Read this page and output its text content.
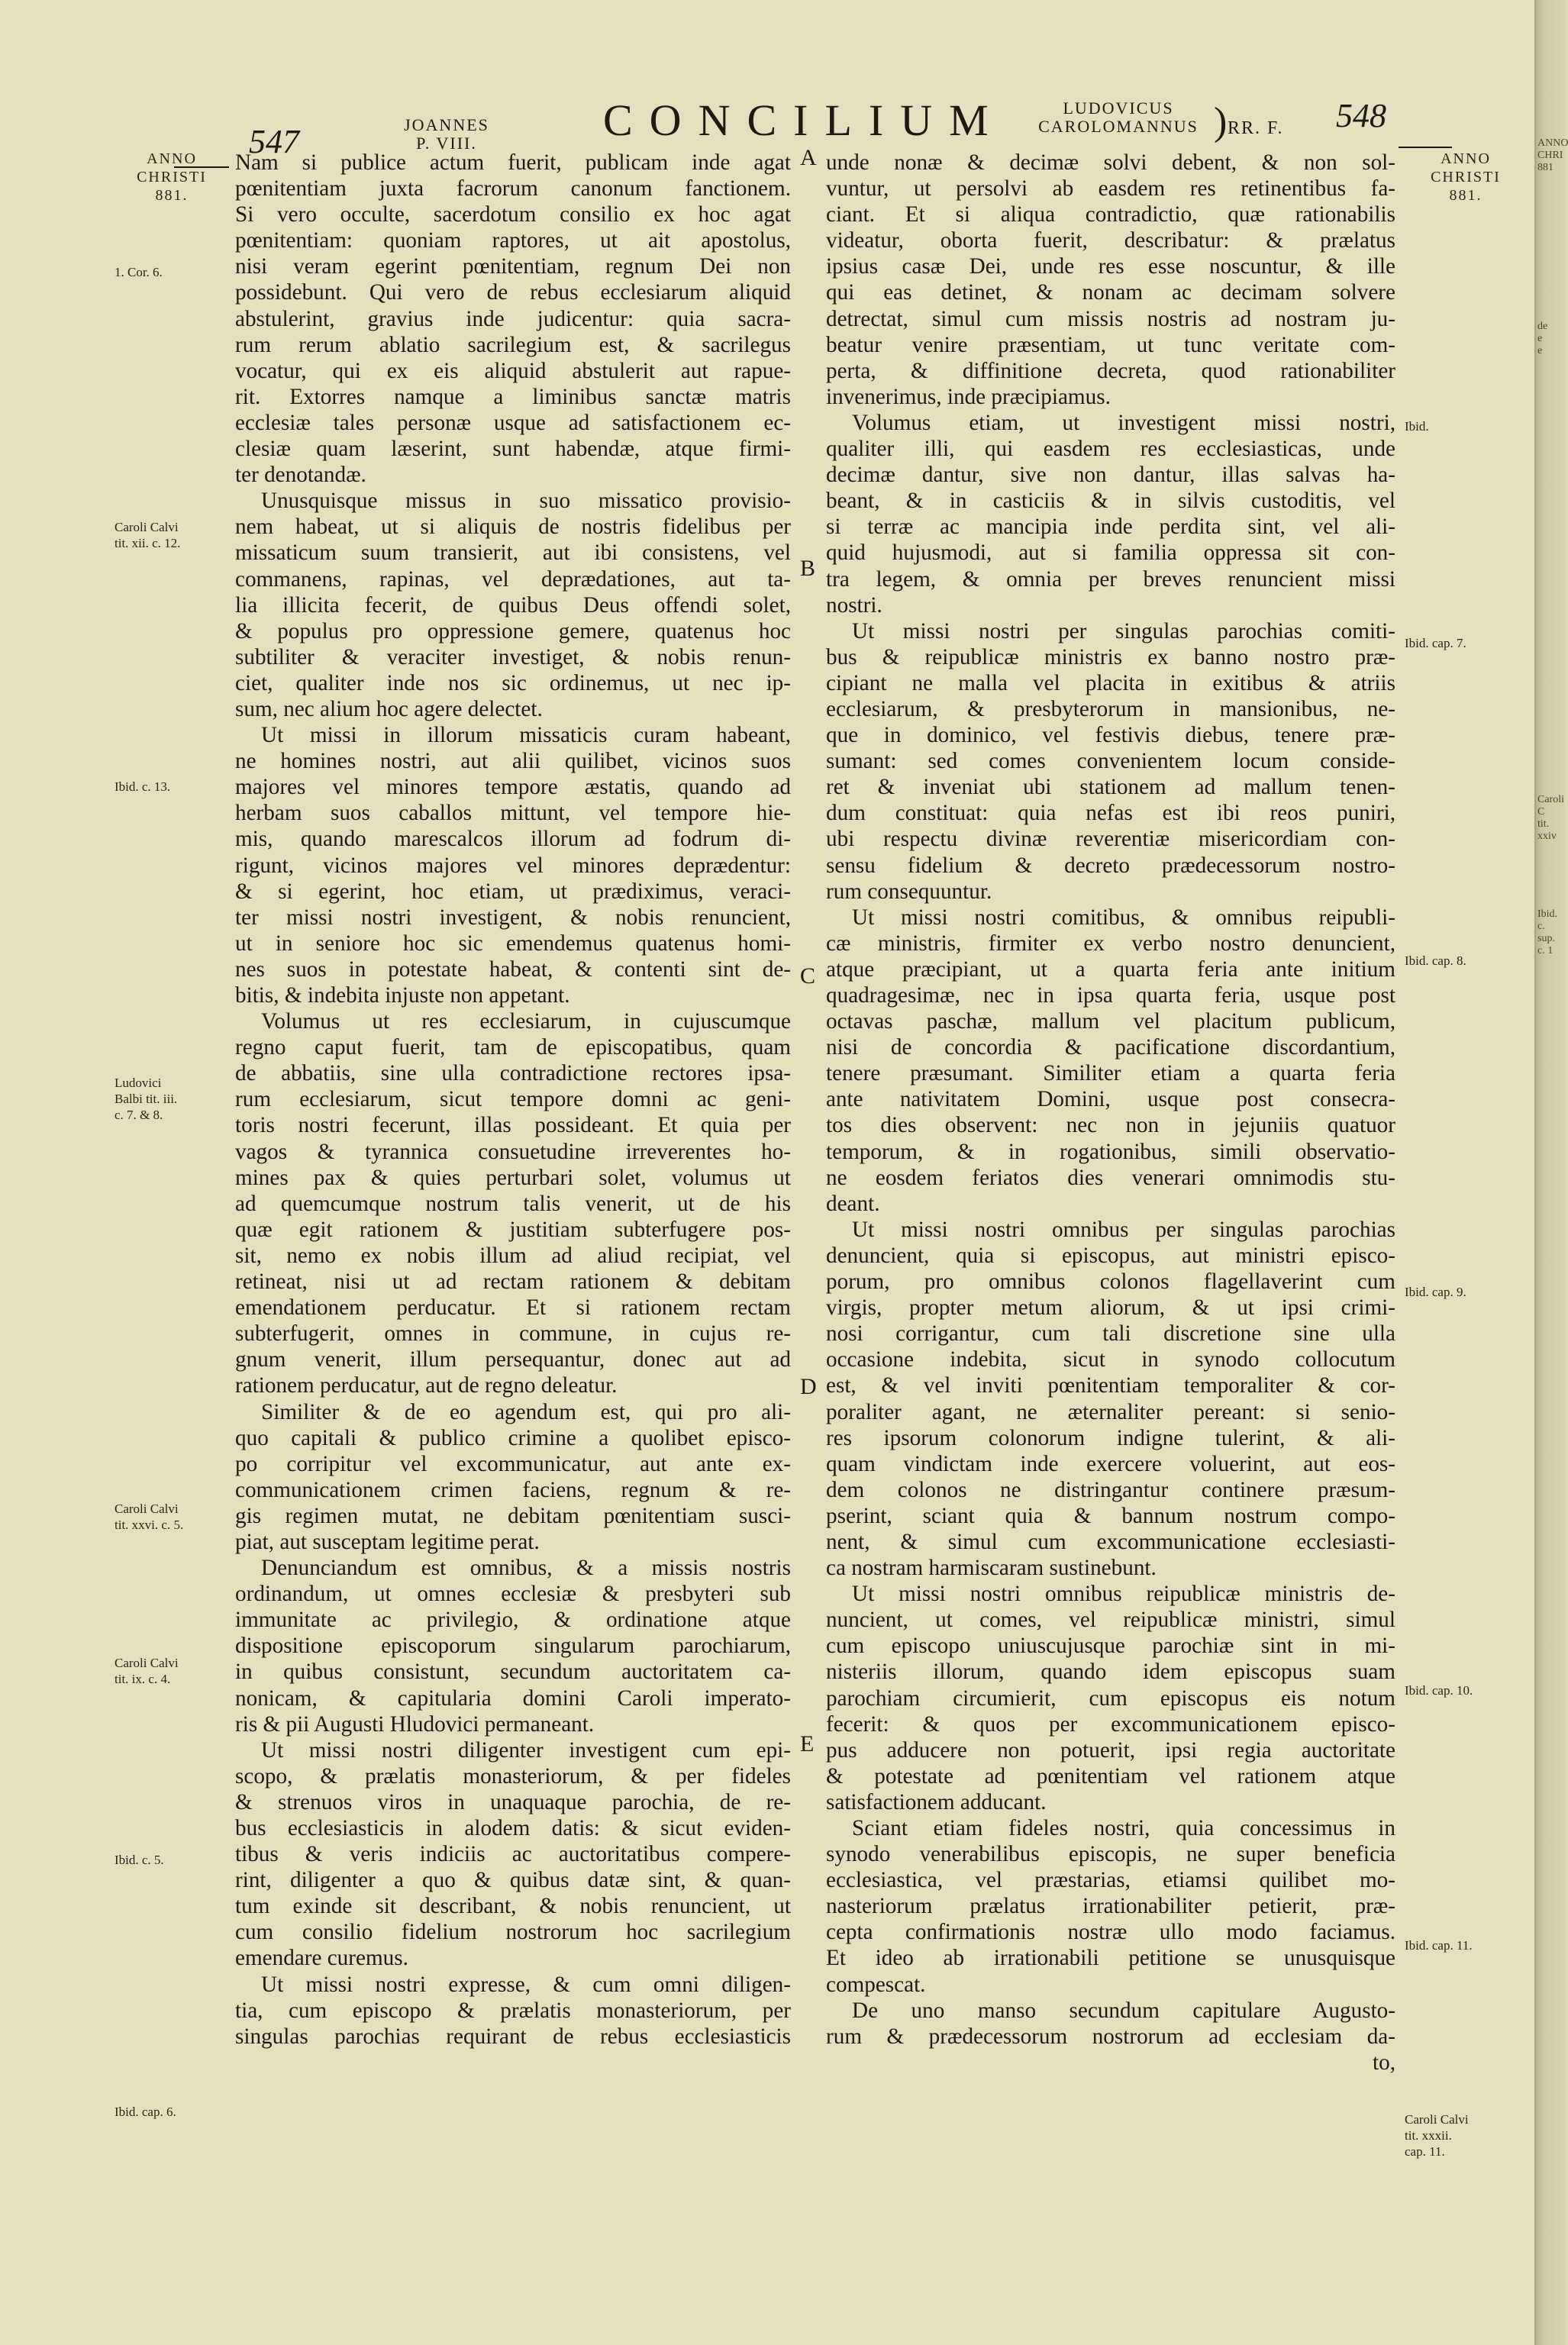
547	JOANNES
P. VIII.	CONCILIUM	LUDOVICUS
CAROLOMANNUS ) RR. F. 548
ANNO
CHRISTI
881.
1. Cor. 6.
Caroli Calvi
tit. xii. c. 12.
Ibid. c. 13.
Ludovici
Balbi tit. iii.
c. 7. & 8.
Caroli Calvi
tit. xxvi. c. 5.
Caroli Calvi
tit. ix. c. 4.
Ibid. c. 5.
Ibid. cap. 6.
ANNO
CHRISTI
881.
Ibid.
Ibid. cap. 7.
Ibid. cap. 8.
Ibid. cap. 9.
Ibid. cap. 10.
Ibid. cap. 11.
Caroli Calvi
tit. xxxii.
cap. 11.
A
B
C
D
E
Nam si publice actum fuerit, publicam inde agat
pœnitentiam juxta facrorum canonum fanctionem.
Si vero occulte, sacerdotum consilio ex hoc agat
pœnitentiam: quoniam raptores, ut ait apostolus,
nisi veram egerint pœnitentiam, regnum Dei non
possidebunt. Qui vero de rebus ecclesiarum aliquid
abstulerint, gravius inde judicentur: quia sacra-
rum rerum ablatio sacrilegium est, & sacrilegus
vocatur, qui ex eis aliquid abstulerit aut rapue-
rit. Extorres namque a liminibus sanctæ matris
ecclesiæ tales personæ usque ad satisfactionem ec-
clesiæ quam læserint, sunt habendæ, atque firmi-
ter denotandæ.
Unusquisque missus in suo missatico provisio-
nem habeat, ut si aliquis de nostris fidelibus per
missaticum suum transierit, aut ibi consistens, vel
commanens, rapinas, vel deprædationes, aut ta-
lia illicita fecerit, de quibus Deus offendi solet,
& populus pro oppressione gemere, quatenus hoc
subtiliter & veraciter investiget, & nobis renun-
ciet, qualiter inde nos sic ordinemus, ut nec ip-
sum, nec alium hoc agere delectet.
Ut missi in illorum missaticis curam habeant,
ne homines nostri, aut alii quilibet, vicinos suos
majores vel minores tempore æstatis, quando ad
herbam suos caballos mittunt, vel tempore hie-
mis, quando marescalcos illorum ad fodrum di-
rigunt, vicinos majores vel minores deprædentur:
& si egerint, hoc etiam, ut prædiximus, veraci-
ter missi nostri investigent, & nobis renuncient,
ut in seniore hoc sic emendemus quatenus homi-
nes suos in potestate habeat, & contenti sint de-
bitis, & indebita injuste non appetant.
Volumus ut res ecclesiarum, in cujuscumque
regno caput fuerit, tam de episcopatibus, quam
de abbatiis, sine ulla contradictione rectores ipsa-
rum ecclesiarum, sicut tempore domni ac geni-
toris nostri fecerunt, illas possideant. Et quia per
vagos & tyrannica consuetudine irreverentes ho-
mines pax & quies perturbari solet, volumus ut
ad quemcumque nostrum talis venerit, ut de his
quæ egit rationem & justitiam subterfugere pos-
sit, nemo ex nobis illum ad aliud recipiat, vel
retineat, nisi ut ad rectam rationem & debitam
emendationem perducatur. Et si rationem rectam
subterfugerit, omnes in commune, in cujus re-
gnum venerit, illum persequantur, donec aut ad
rationem perducatur, aut de regno deleatur.
Similiter & de eo agendum est, qui pro ali-
quo capitali & publico crimine a quolibet episco-
po corripitur vel excommunicatur, aut ante ex-
communicationem crimen faciens, regnum & re-
gis regimen mutat, ne debitam pœnitentiam susci-
piat, aut susceptam legitime perat.
Denunciandum est omnibus, & a missis nostris
ordinandum, ut omnes ecclesiæ & presbyteri sub
immunitate ac privilegio, & ordinatione atque
dispositione episcoporum singularum parochiarum,
in quibus consistunt, secundum auctoritatem ca-
nonicam, & capitularia domini Caroli imperato-
ris & pii Augusti Hludovici permaneant.
Ut missi nostri diligenter investigent cum epi-
scopo, & prælatis monasteriorum, & per fideles
& strenuos viros in unaquaque parochia, de re-
bus ecclesiasticis in alodem datis: & sicut eviden-
tibus & veris indiciis ac auctoritatibus compere-
rint, diligenter a quo & quibus datæ sint, & quan-
tum exinde sit describant, & nobis renuncient, ut
cum consilio fidelium nostrorum hoc sacrilegium
emendare curemus.
Ut missi nostri expresse, & cum omni diligen-
tia, cum episcopo & prælatis monasteriorum, per
singulas parochias requirant de rebus ecclesiasticis
unde nonæ & decimæ solvi debent, & non sol-
vuntur, ut persolvi ab easdem res retinentibus fa-
ciant. Et si aliqua contradictio, quæ rationabilis
videatur, oborta fuerit, describatur: & prælatus
ipsius casæ Dei, unde res esse noscuntur, & ille
qui eas detinet, & nonam ac decimam solvere
detrectat, simul cum missis nostris ad nostram ju-
beatur venire præsentiam, ut tunc veritate com-
perta, & diffinitione decreta, quod rationabiliter
invenerimus, inde præcipiamus.
Volumus etiam, ut investigent missi nostri,
qualiter illi, qui easdem res ecclesiasticas, unde
decimæ dantur, sive non dantur, illas salvas ha-
beant, & in casticiis & in silvis custoditis, vel
si terræ ac mancipia inde perdita sint, vel ali-
quid hujusmodi, aut si familia oppressa sit con-
tra legem, & omnia per breves renuncient missi
nostri.
Ut missi nostri per singulas parochias comiti-
bus & reipublicæ ministris ex banno nostro præ-
cipiant ne malla vel placita in exitibus & atriis
ecclesiarum, & presbyterorum in mansionibus, ne-
que in dominico, vel festivis diebus, tenere præ-
sumant: sed comes convenientem locum conside-
ret & inveniat ubi stationem ad mallum tenen-
dum constituat: quia nefas est ibi reos puniri,
ubi respectu divinæ reverentiæ misericordiam con-
sensu fidelium & decreto prædecessorum nostro-
rum consequuntur.
Ut missi nostri comitibus, & omnibus reipubli-
cæ ministris, firmiter ex verbo nostro denuncient,
atque præcipiant, ut a quarta feria ante initium
quadragesimæ, nec in ipsa quarta feria, usque post
octavas paschæ, mallum vel placitum publicum,
nisi de concordia & pacificatione discordantium,
tenere præsumant. Similiter etiam a quarta feria
ante nativitatem Domini, usque post consecra-
tos dies observent: nec non in jejuniis quatuor
temporum, & in rogationibus, simili observatio-
ne eosdem feriatos dies venerari omnimodis stu-
deant.
Ut missi nostri omnibus per singulas parochias
denuncient, quia si episcopus, aut ministri episco-
porum, pro omnibus colonos flagellaverint cum
virgis, propter metum aliorum, & ut ipsi crimi-
nosi corrigantur, cum tali discretione sine ulla
occasione indebita, sicut in synodo collocutum
est, & vel inviti pœnitentiam temporaliter & cor-
poraliter agant, ne æternaliter pereant: si senio-
res ipsorum colonorum indigne tulerint, & ali-
quam vindictam inde exercere voluerint, aut eos-
dem colonos ne distringantur continere præsum-
pserint, sciant quia & bannum nostrum compo-
nent, & simul cum excommunicatione ecclesiasti-
ca nostram harmiscaram sustinebunt.
Ut missi nostri omnibus reipublicæ ministris de-
nuncient, ut comes, vel reipublicæ ministri, simul
cum episcopo uniuscujusque parochiæ sint in mi-
nisteriis illorum, quando idem episcopus suam
parochiam circumierit, cum episcopus eis notum
fecerit: & quos per excommunicationem episco-
pus adducere non potuerit, ipsi regia auctoritate
& potestate ad pœnitentiam vel rationem atque
satisfactionem adducant.
Sciant etiam fideles nostri, quia concessimus in
synodo venerabilibus episcopis, ne super beneficia
ecclesiastica, vel præstarias, etiamsi quilibet mo-
nasteriorum prælatus irrationabiliter petierit, præ-
cepta confirmationis nostræ ullo modo faciamus.
Et ideo ab irrationabili petitione se unusquisque
compescat.
De uno manso secundum capitulare Augusto-
rum & prædecessorum nostrorum ad ecclesiam da-
to,
ANNO
CHRI
881
de
e
e
Caroli C
tit. xxiv
Ibid. c.
sup. c. 1
